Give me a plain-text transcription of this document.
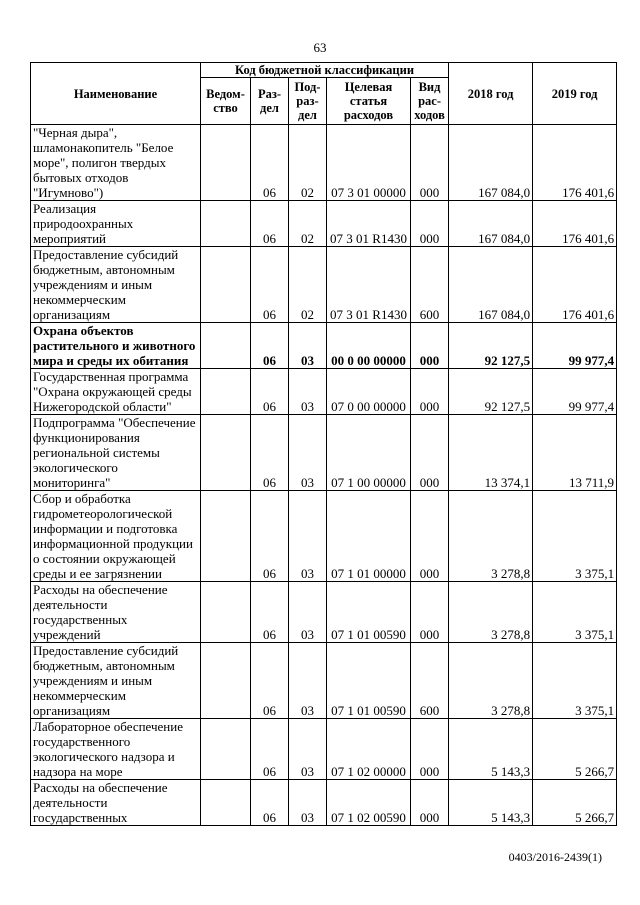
63
Наименование	Код бюджетной классификации					2018 год	2019 год
	Ведом-ство	Раз-дел	Под-раз-дел	Целевая статья расходов	Вид рас-ходов		
"Черная дыра", шламонакопитель "Белое море", полигон твердых бытовых отходов "Игумново")		06	02	07 3 01 00000	000	167 084,0	176 401,6
Реализация природоохранных мероприятий		06	02	07 3 01 R1430	000	167 084,0	176 401,6
Предоставление субсидий бюджетным, автономным учреждениям и иным некоммерческим организациям		06	02	07 3 01 R1430	600	167 084,0	176 401,6
Охрана объектов растительного и животного мира и среды их обитания		06	03	00 0 00 00000	000	92 127,5	99 977,4
Государственная программа "Охрана окружающей среды Нижегородской области"		06	03	07 0 00 00000	000	92 127,5	99 977,4
Подпрограмма "Обеспечение функционирования региональной системы экологического мониторинга"		06	03	07 1 00 00000	000	13 374,1	13 711,9
Сбор и обработка гидрометеорологической информации и подготовка информационной продукции о состоянии окружающей среды и ее загрязнении		06	03	07 1 01 00000	000	3 278,8	3 375,1
Расходы на обеспечение деятельности государственных учреждений		06	03	07 1 01 00590	000	3 278,8	3 375,1
Предоставление субсидий бюджетным, автономным учреждениям и иным некоммерческим организациям		06	03	07 1 01 00590	600	3 278,8	3 375,1
Лабораторное обеспечение государственного экологического надзора и надзора на море		06	03	07 1 02 00000	000	5 143,3	5 266,7
Расходы на обеспечение деятельности государственных		06	03	07 1 02 00590	000	5 143,3	5 266,7
0403/2016-2439(1)
